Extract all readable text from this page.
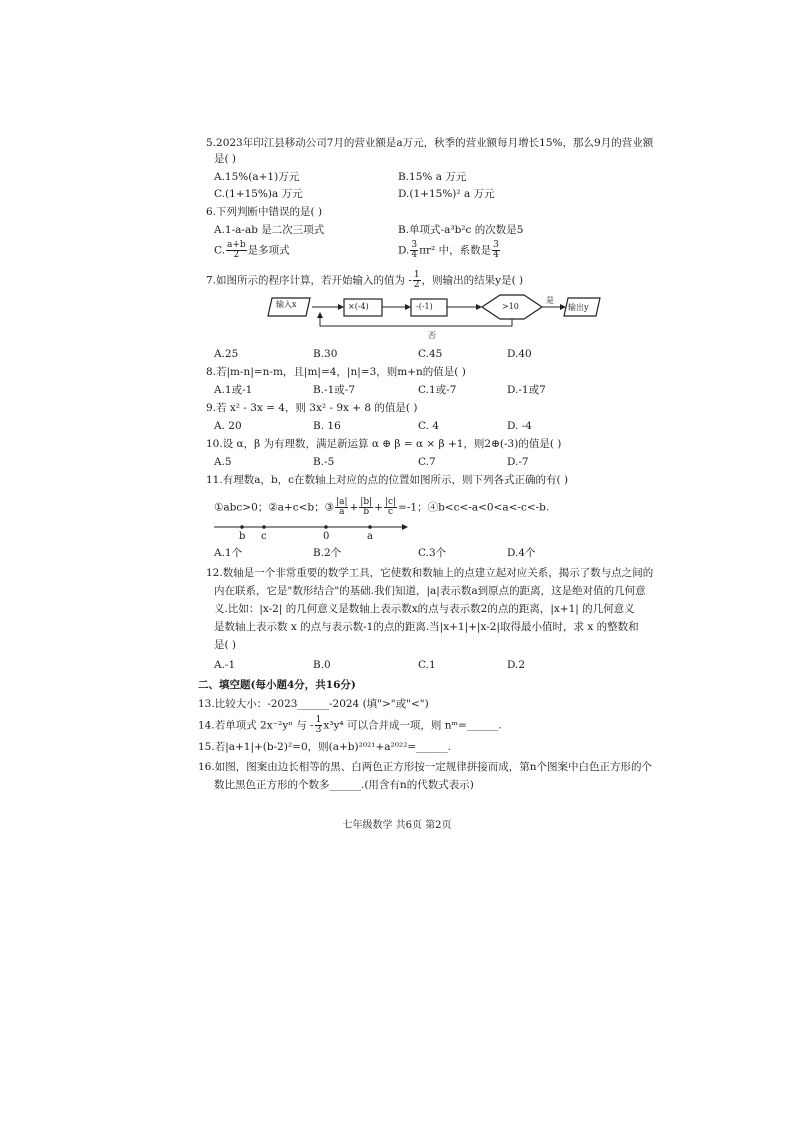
5.2023年印江县移动公司7月的营业额是a万元，秋季的营业额每月增长15%，那么9月的营业额
是( )
A.15%(a+1)万元	B.15% a 万元
C.(1+15%)a 万元	D.(1+15%)² a 万元
6.下列判断中错误的是( )
A.1-a-ab 是二次三项式	B.单项式-a³b²c 的次数是5
C. $\frac{a+b}{2}$ 是多项式	D. $\frac{3}{4} \pi r^2$ 中，系数是 $\frac{3}{4}$
7.如图所示的程序计算，若开始输入的值为 - $\frac{1}{2}$ ，则输出的结果y是( )
输入x	×(-4)	-(-1)	>10
是
输出y
否
A.25	B.30	C.45	D.40
8.若|m-n|=n-m，且|m|=4，|n|=3，则m+n的值是( )
A.1或-1	B.-1或-7	C.1或-7	D.-1或7
9.若 x² - 3x = 4，则 3x² - 9x + 8 的值是( )
A. 20	B. 16	C. 4	D. -4
10.设 α，β 为有理数，满足新运算 α ⊕ β = α × β +1，则2⊕(-3)的值是( )
A.5	B.-5	C.7	D.-7
11.有理数a，b，c在数轴上对应的点的位置如图所示，则下列各式正确的有( )
①abc>0；②a+c<b；③ $\frac{|a|}{a} + \frac{|b|}{b} + \frac{|c|}{c} =-1$；④b<c<-a<0<a<-c<-b.
b c	0	a
A.1个	B.2个	C.3个	D.4个
12.数轴是一个非常重要的数学工具，它使数和数轴上的点建立起对应关系，揭示了数与点之间的
内在联系，它是"数形结合"的基础.我们知道，|a|表示数a到原点的距离，这是绝对值的几何意
义.比如：|x-2| 的几何意义是数轴上表示数x的点与表示数2的点的距离，|x+1| 的几何意义
是数轴上表示数 x 的点与表示数-1的点的距离.当|x+1|+|x-2|取得最小值时，求 x 的整数和
是( )
A.-1	B.0	C.1	D.2
二、填空题(每小题4分，共16分)
13.比较大小：-2023______-2024 (填">"或"<")
14.若单项式 2x⁻²yⁿ 与 - $\frac{1}{3} x^3y^4$ 可以合并成一项，则 nᵐ=______.
15.若|a+1|+(b-2)²=0，则(a+b)²⁰²¹+a²⁰²²=______.
16.如图，图案由边长相等的黑、白两色正方形按一定规律拼接而成，第n个图案中白色正方形的个
数比黑色正方形的个数多______.(用含有n的代数式表示)
七年级数学 共6页 第2页
